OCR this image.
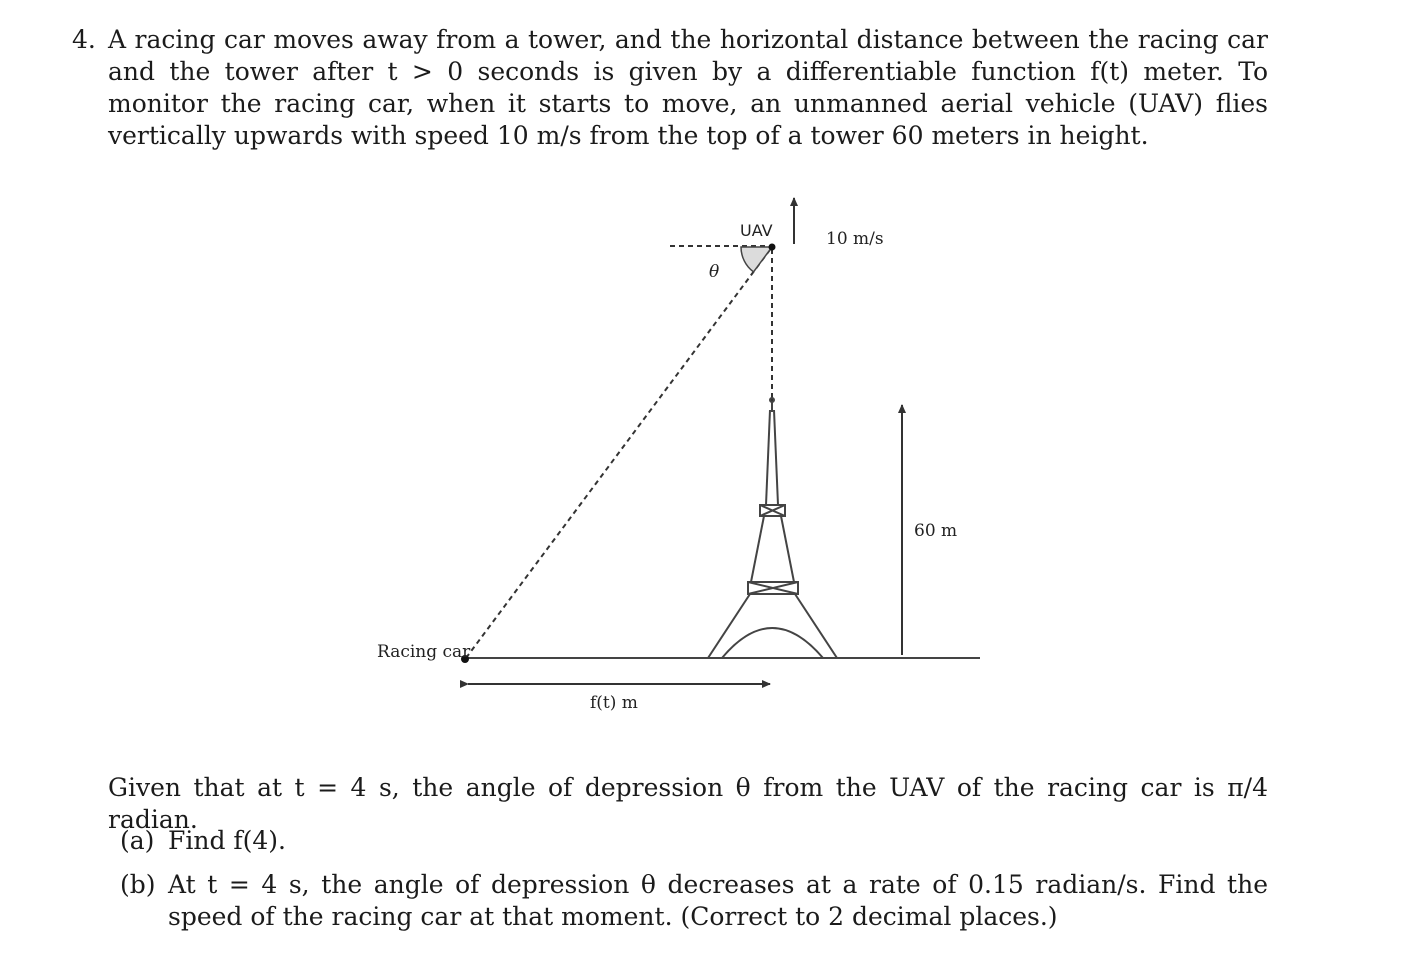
4. A racing car moves away from a tower, and the horizontal distance between the racing car and the tower after t > 0 seconds is given by a differentiable function f(t) meter. To monitor the racing car, when it starts to move, an unmanned aerial vehicle (UAV) flies vertically upwards with speed 10 m/s from the top of a tower 60 meters in height.
UAV	10 m/s
θ
60 m
Racing car
f(t) m
Given that at t = 4 s, the angle of depression θ from the UAV of the racing car is π/4 radian.
(a) Find f(4).
(b) At t = 4 s, the angle of depression θ decreases at a rate of 0.15 radian/s. Find the speed of the racing car at that moment. (Correct to 2 decimal places.)
